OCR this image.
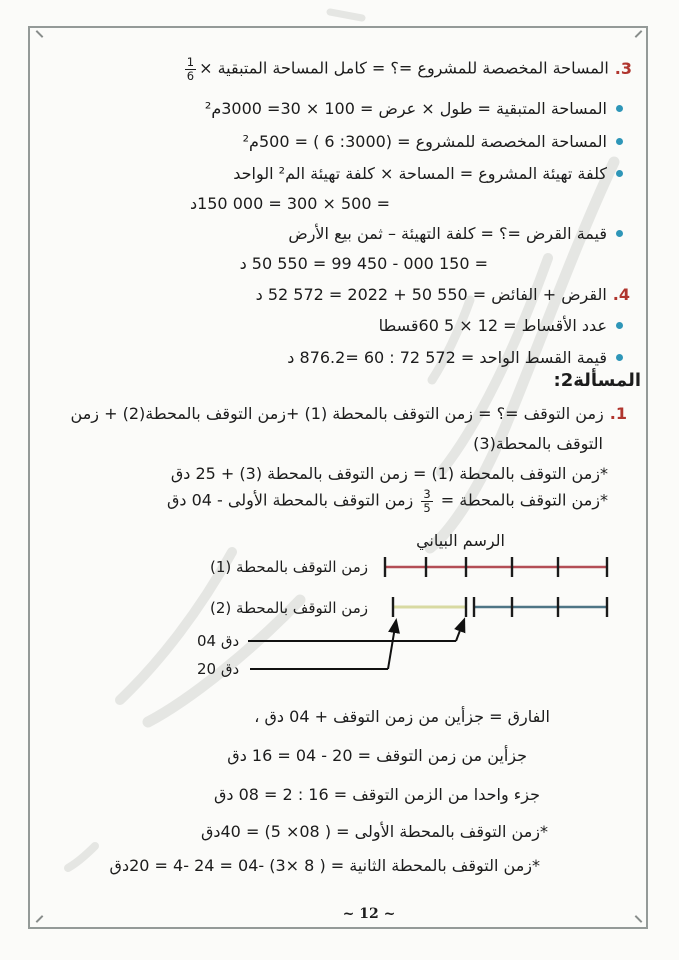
3.المساحة المخصصة للمشروع =؟ = كامل المساحة المتبقية ×
$\frac{1}{6}$
المساحة المتبقية = طول × عرض = 100 × 30= 3000م²
المساحة المخصصة للمشروع = (3000: 6 ) = 500م²
كلفة تهيئة المشروع = المساحة × كلفة تهيئة الم² الواحد
= 500 × 300 = 000 150د
قيمة القرض =؟ = كلفة التهيئة – ثمن بيع الأرض
= 150 000 - 450 99 = 550 50 د
4.القرض + الفائض = 550 50 + 2022 = 572 52 د
عدد الأقساط = 12 × 5 60قسطا
قيمة القسط الواحد = 572 72 : 60 =876.2 د
المسألة2:
1.زمن التوقف =؟ = زمن التوقف بالمحطة (1) +زمن التوقف بالمحطة(2) + زمن
التوقف بالمحطة(3)
*زمن التوقف بالمحطة (1) = زمن التوقف بالمحطة (3) + 25 دق
*زمن التوقف بالمحطة =
$\frac{3}{5}$
زمن التوقف بالمحطة الأولى - 04 دق
الرسم البياني
زمن التوقف بالمحطة (1)
زمن التوقف بالمحطة (2)
04 دق
20 دق
الفارق = جزأين من زمن التوقف + 04 دق ،
جزأين من زمن التوقف = 20 - 04 = 16 دق
جزء واحدا من الزمن التوقف = 16 : 2 = 08 دق
*زمن التوقف بالمحطة الأولى = ( 08× 5) = 40دق
*زمن التوقف بالمحطة الثانية = ( 8 ×3) -04 = 24 -4 = 20دق
~ 12 ~
